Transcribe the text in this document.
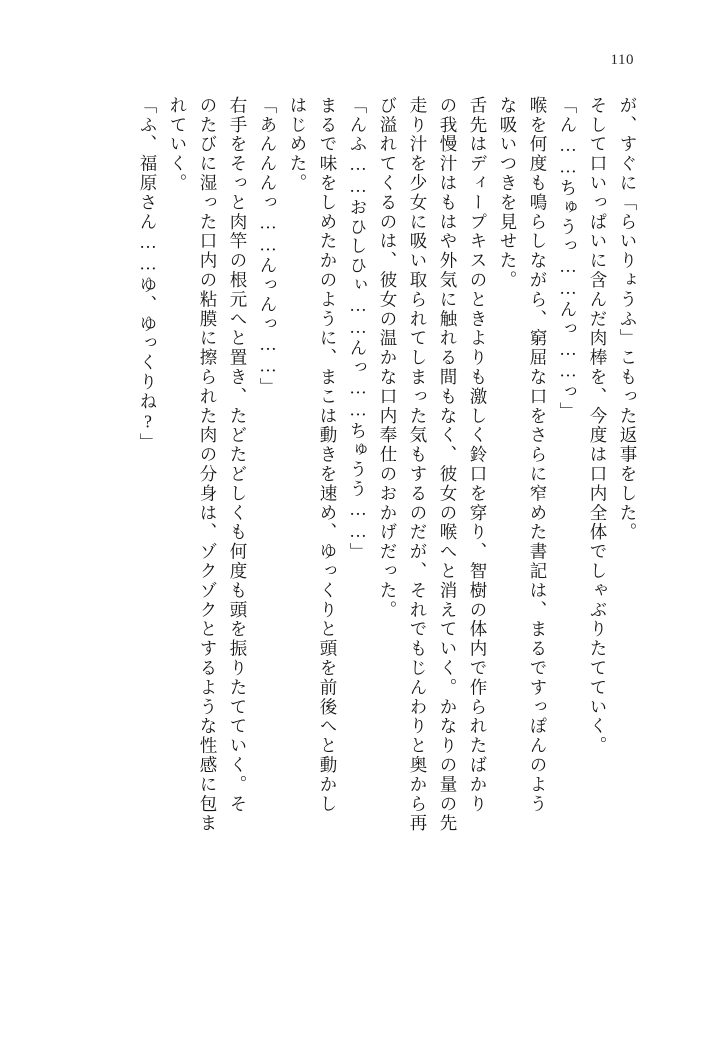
110
が、すぐに「らいりょうふ」こもった返事をした。
そして口いっぱいに含んだ肉棒を、今度は口内全体でしゃぶりたてていく。
「ん……ちゅうっ……んっ……っ」
喉を何度も鳴らしながら、窮屈な口をさらに窄めた書記は、まるですっぽんのよう
な吸いつきを見せた。
舌先はディープキスのときよりも激しく鈴口を穿り、智樹の体内で作られたばかり
の我慢汁はもはや外気に触れる間もなく、彼女の喉へと消えていく。かなりの量の先
走り汁を少女に吸い取られてしまった気もするのだが、それでもじんわりと奥から再
び溢れてくるのは、彼女の温かな口内奉仕のおかげだった。
「んふ……おひしひぃ……んっ……ちゅうう……」
まるで味をしめたかのように、まこは動きを速め、ゆっくりと頭を前後へと動かし
はじめた。
「あんんんっ……んっんっ……」
右手をそっと肉竿の根元へと置き、たどたどしくも何度も頭を振りたてていく。そ
のたびに湿った口内の粘膜に擦られた肉の分身は、ゾクゾクとするような性感に包ま
れていく。
「ふ、福原さん……ゆ、ゆっくりね?」
